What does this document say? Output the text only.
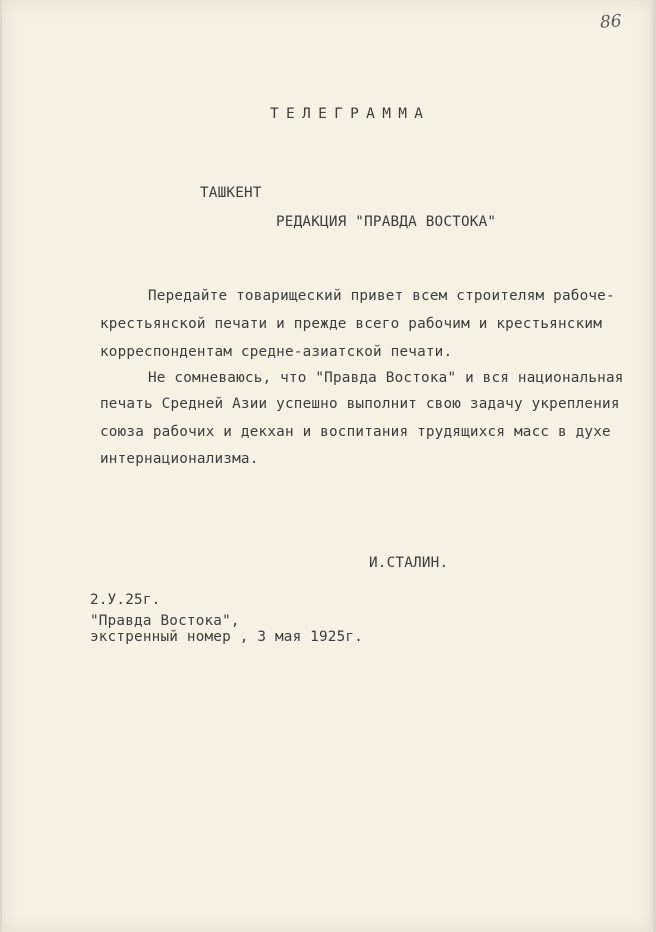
86
ТЕЛЕГРАММА
ТАШКЕНТ
РЕДАКЦИЯ "ПРАВДА ВОСТОКА"
Передайте товарищеский привет всем строителям рабоче-
крестьянской печати и прежде всего рабочим и крестьянским
корреспондентам средне-азиатской печати.
Не сомневаюсь, что "Правда Востока" и вся национальная
печать Средней Азии успешно выполнит свою задачу укрепления
союза рабочих и декхан и воспитания трудящихся масс в духе
интернационализма.
И.СТАЛИН.
2.У.25г.
"Правда Востока",
экстренный номер , 3 мая 1925г.
